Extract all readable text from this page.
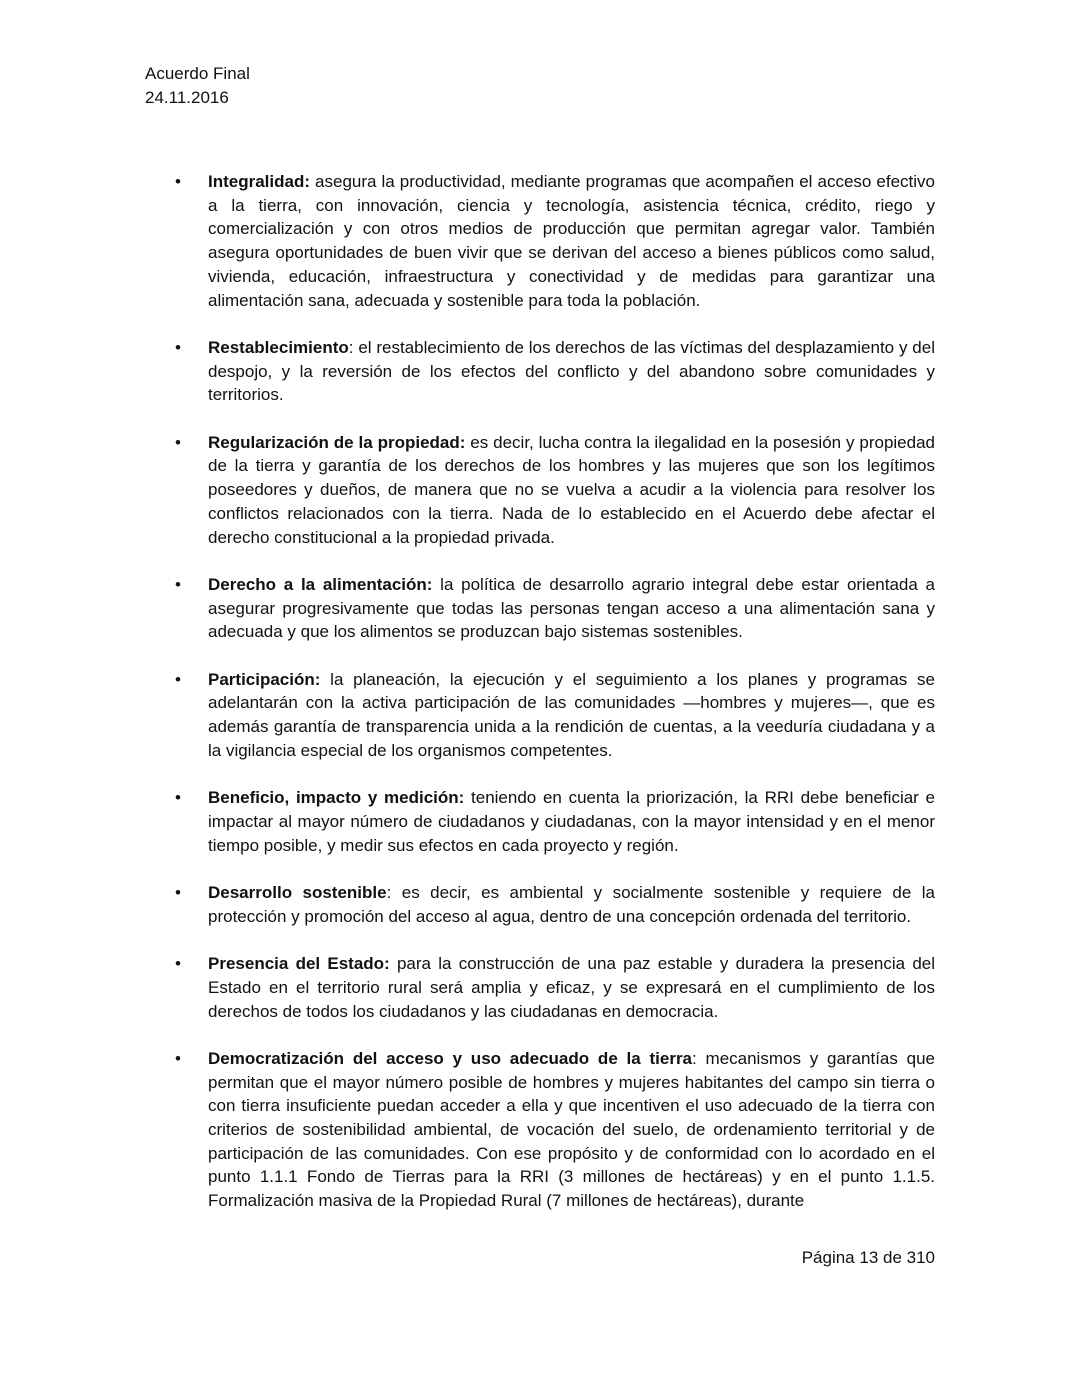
Acuerdo Final
24.11.2016
• Integralidad: asegura la productividad, mediante programas que acompañen el acceso efectivo a la tierra, con innovación, ciencia y tecnología, asistencia técnica, crédito, riego y comercialización y con otros medios de producción que permitan agregar valor. También asegura oportunidades de buen vivir que se derivan del acceso a bienes públicos como salud, vivienda, educación, infraestructura y conectividad y de medidas para garantizar una alimentación sana, adecuada y sostenible para toda la población.
• Restablecimiento: el restablecimiento de los derechos de las víctimas del desplazamiento y del despojo, y la reversión de los efectos del conflicto y del abandono sobre comunidades y territorios.
• Regularización de la propiedad: es decir, lucha contra la ilegalidad en la posesión y propiedad de la tierra y garantía de los derechos de los hombres y las mujeres que son los legítimos poseedores y dueños, de manera que no se vuelva a acudir a la violencia para resolver los conflictos relacionados con la tierra. Nada de lo establecido en el Acuerdo debe afectar el derecho constitucional a la propiedad privada.
• Derecho a la alimentación: la política de desarrollo agrario integral debe estar orientada a asegurar progresivamente que todas las personas tengan acceso a una alimentación sana y adecuada y que los alimentos se produzcan bajo sistemas sostenibles.
• Participación: la planeación, la ejecución y el seguimiento a los planes y programas se adelantarán con la activa participación de las comunidades —hombres y mujeres—, que es además garantía de transparencia unida a la rendición de cuentas, a la veeduría ciudadana y a la vigilancia especial de los organismos competentes.
• Beneficio, impacto y medición: teniendo en cuenta la priorización, la RRI debe beneficiar e impactar al mayor número de ciudadanos y ciudadanas, con la mayor intensidad y en el menor tiempo posible, y medir sus efectos en cada proyecto y región.
• Desarrollo sostenible: es decir, es ambiental y socialmente sostenible y requiere de la protección y promoción del acceso al agua, dentro de una concepción ordenada del territorio.
• Presencia del Estado: para la construcción de una paz estable y duradera la presencia del Estado en el territorio rural será amplia y eficaz, y se expresará en el cumplimiento de los derechos de todos los ciudadanos y las ciudadanas en democracia.
• Democratización del acceso y uso adecuado de la tierra: mecanismos y garantías que permitan que el mayor número posible de hombres y mujeres habitantes del campo sin tierra o con tierra insuficiente puedan acceder a ella y que incentiven el uso adecuado de la tierra con criterios de sostenibilidad ambiental, de vocación del suelo, de ordenamiento territorial y de participación de las comunidades. Con ese propósito y de conformidad con lo acordado en el punto 1.1.1 Fondo de Tierras para la RRI (3 millones de hectáreas) y en el punto 1.1.5. Formalización masiva de la Propiedad Rural (7 millones de hectáreas), durante
Página 13 de 310
